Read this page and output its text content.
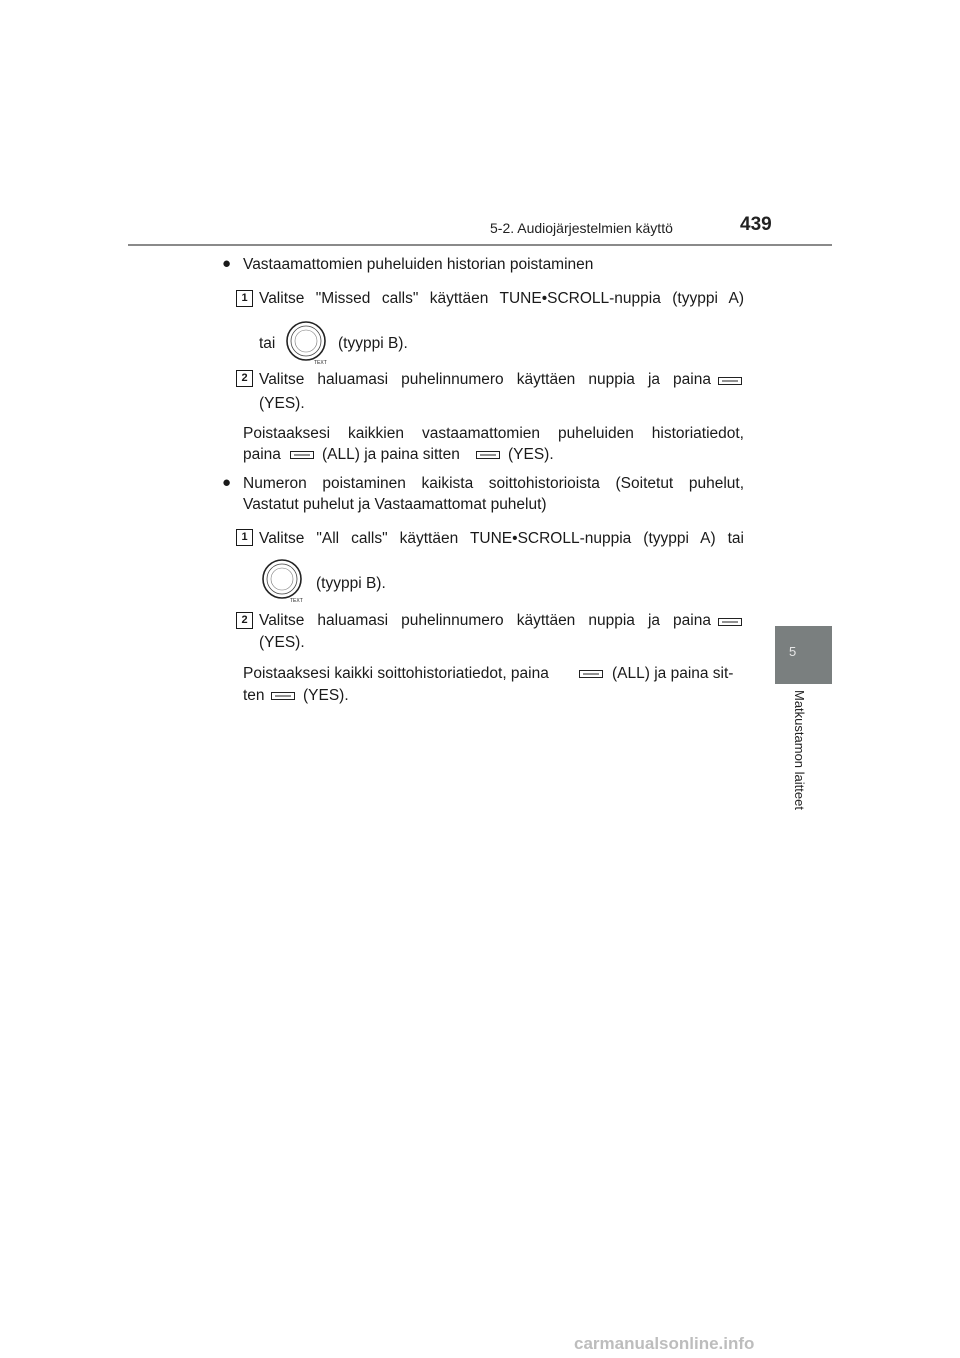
5-2. Audiojärjestelmien käyttö	439
5
Matkustamon laitteet
● Vastaamattomien puheluiden historian poistaminen
1 Valitse "Missed calls" käyttäen TUNE•SCROLL-nuppia (tyyppi A)
tai
TEXT
(tyyppi B).
2 Valitse haluamasi puhelinnumero käyttäen nuppia ja paina
(YES).
Poistaaksesi kaikkien vastaamattomien puheluiden historiatiedot,
paina	(ALL) ja paina sitten	(YES).
● Numeron poistaminen kaikista soittohistorioista (Soitetut puhelut,
Vastatut puhelut ja Vastaamattomat puhelut)
1 Valitse "All calls" käyttäen TUNE•SCROLL-nuppia (tyyppi A) tai
TEXT
(tyyppi B).
2 Valitse haluamasi puhelinnumero käyttäen nuppia ja paina
(YES).
Poistaaksesi kaikki soittohistoriatiedot, paina	(ALL) ja paina sit-
ten (YES).
carmanualsonline.info
